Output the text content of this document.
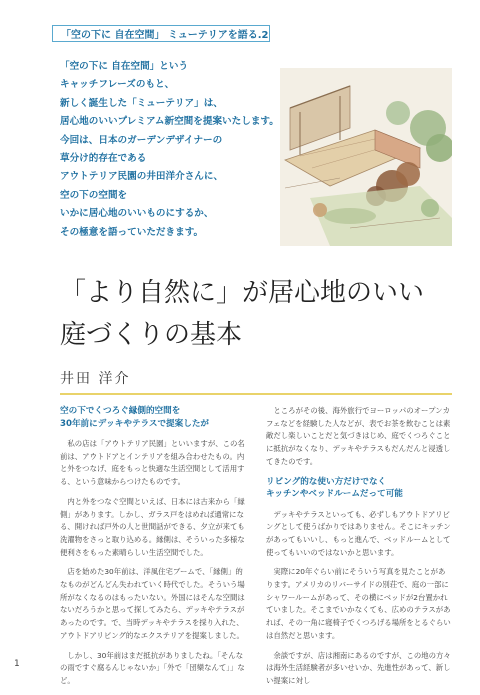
「空の下に 自在空間」 ミューテリアを語る.2
「空の下に 自在空間」という
キャッチフレーズのもと、
新しく誕生した「ミューテリア」は、
居心地のいいプレミアム新空間を提案いたします。
今回は、日本のガーデンデザイナーの
草分け的存在である
アウトテリア民園の井田洋介さんに、
空の下の空間を
いかに居心地のいいものにするか、
その極意を語っていただきます。
「より自然に」が居心地のいい
庭づくりの基本
井田 洋介
空の下でくつろぐ縁側的空間を
30年前にデッキやテラスで提案したが

私の店は「アウトテリア民園」といいますが、この名前は、アウトドアとインテリアを組み合わせたもの。内と外をつなげ、庭をもっと快適な生活空間として活用する、という意味からつけたものです。

内と外をつなぐ空間といえば、日本には古来から「縁側」があります。しかし、ガラス戸をはめれば通常になる、開ければ戸外の人と世間話ができる、夕立が来ても洗濯物をさっと取り込める。縁側は、そういった多様な便利さをもった素晴らしい生活空間でした。

店を始めた30年前は、洋風住宅ブームで、「縁側」的なものがどんどん失われていく時代でした。そういう場所がなくなるのはもったいない。外国にはそんな空間はないだろうかと思って探してみたら、デッキやテラスがあったのです。で、当時デッキやテラスを採り入れた、アウトドアリビング的なエクステリアを提案しました。

しかし、30年前はまだ抵抗がありましたね。「そんなの雨ですぐ腐るんじゃないか」「外で「団欒なんて」」など。

ところがその後、海外旅行でヨーロッパのオープンカフェなどを経験した人などが、表でお茶を飲むことは素敵だし楽しいことだと気づきはじめ、庭でくつろぐことに抵抗がなくなり、デッキやテラスもだんだんと浸透してきたのです。

リビング的な使い方だけでなく
キッチンやベッドルームだって可能

デッキやテラスといっても、必ずしもアウトドアリビングとして使うばかりではありません。そこにキッチンがあってもいいし、もっと進んで、ベッドルームとして使ってもいいのではないかと思います。

実際に20年ぐらい前にそういう写真を見たことがあります。アメリカのリバーサイドの別荘で、庭の一部にシャワールームがあって、その横にベッドが2台置かれていました。そこまでいかなくても、広めのテラスがあれば、その一角に寝椅子でくつろげる場所をとるぐらいは自然だと思います。

余談ですが、店は湘南にあるのですが、この地の方々は海外生活経験者が多いせいか、先進性があって、新しい提案に対し

1
